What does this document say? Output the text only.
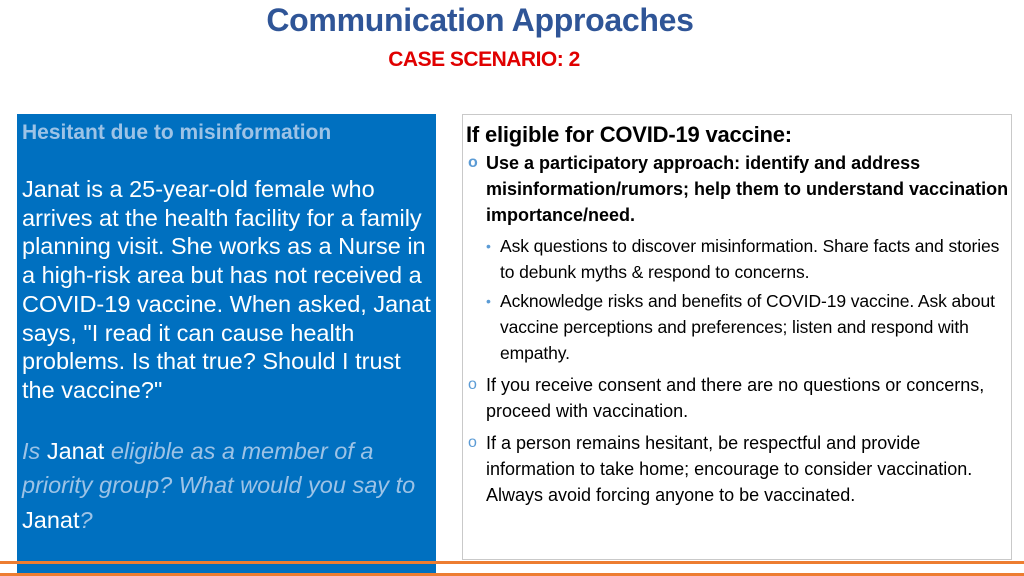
Communication Approaches
CASE SCENARIO: 2
Hesitant due to misinformation
Janat is a 25-year-old female who arrives at the health facility for a family planning visit. She works as a Nurse in a high-risk area but has not received a COVID-19 vaccine. When asked, Janat says, "I read it can cause health problems. Is that true? Should I trust the vaccine?"
Is Janat eligible as a member of a priority group? What would you say to Janat?
If eligible for COVID-19 vaccine:
o Use a participatory approach: identify and address misinformation/rumors; help them to understand vaccination importance/need.
• Ask questions to discover misinformation. Share facts and stories to debunk myths & respond to concerns.
• Acknowledge risks and benefits of COVID-19 vaccine. Ask about vaccine perceptions and preferences; listen and respond with empathy.
o If you receive consent and there are no questions or concerns, proceed with vaccination.
o If a person remains hesitant, be respectful and provide information to take home; encourage to consider vaccination. Always avoid forcing anyone to be vaccinated.
